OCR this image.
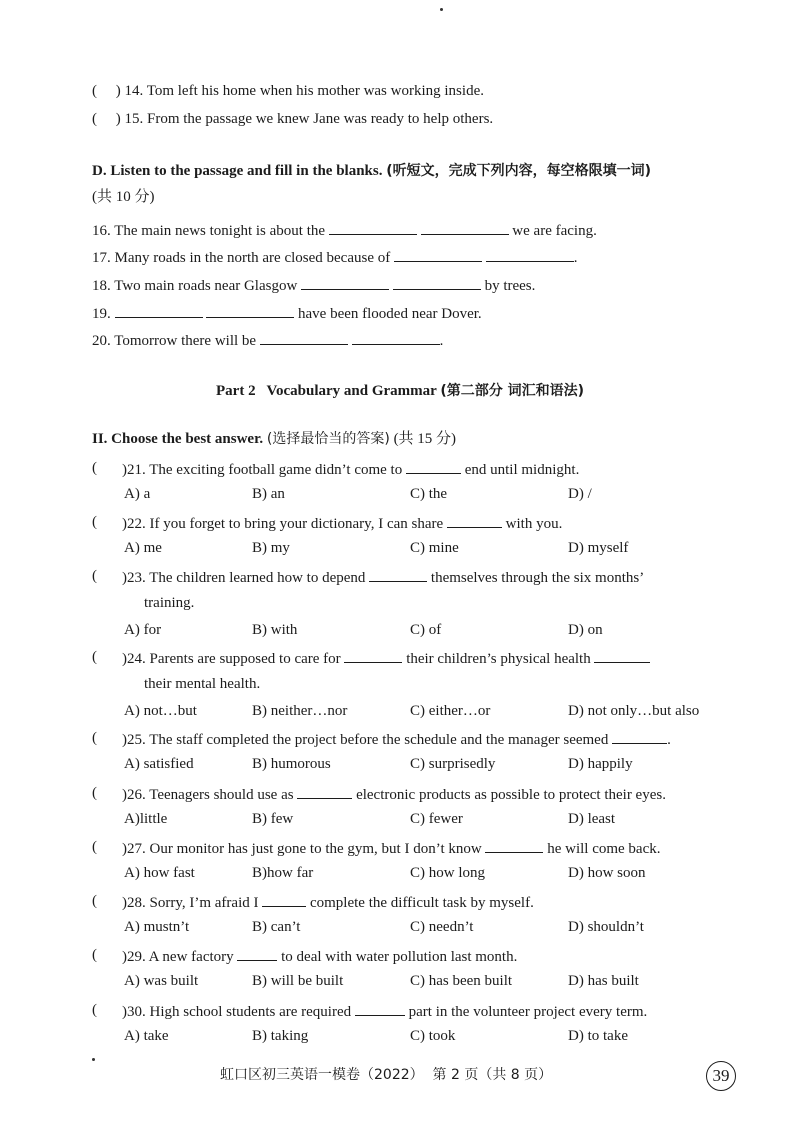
(     ) 14. Tom left his home when his mother was working inside.
(     ) 15. From the passage we knew Jane was ready to help others.
D. Listen to the passage and fill in the blanks. (听短文，完成下列内容，每空格限填一词)
(共 10 分)
16. The main news tonight is about the	we are facing.
17. Many roads in the north are closed because of	.
18. Two main roads near Glasgow	by trees.
19.	have been flooded near Dover.
20. Tomorrow there will be	.
Part 2   Vocabulary and Grammar (第二部分 词汇和语法)
II. Choose the best answer. (选择最恰当的答案) (共 15 分)
( )21. The exciting football game didn’t come to	end until midnight.
A) a	B) an	C) the	D) /
( )22. If you forget to bring your dictionary, I can share	with you.
A) me	B) my	C) mine	D) myself
( )23. The children learned how to depend	themselves through the six months’
training.
A) for	B) with	C) of	D) on
( )24. Parents are supposed to care for	their children’s physical health
their mental health.
A) not…but	B) neither…nor	C) either…or	D) not only…but also
( )25. The staff completed the project before the schedule and the manager seemed	.
A) satisfied	B) humorous	C) surprisedly	D) happily
( )26. Teenagers should use as	electronic products as possible to protect their eyes.
A)little	B) few	C) fewer	D) least
( )27. Our monitor has just gone to the gym, but I don’t know	he will come back.
A) how fast	B)how far	C) how long	D) how soon
( )28. Sorry, I’m afraid I	complete the difficult task by myself.
A) mustn’t	B) can’t	C) needn’t	D) shouldn’t
( )29. A new factory	to deal with water pollution last month.
A) was built	B) will be built	C) has been built	D) has built
( )30. High school students are required	part in the volunteer project every term.
A) take	B) taking	C) took	D) to take
虹口区初三英语一模卷（2022）  第 2 页（共 8 页）	39
